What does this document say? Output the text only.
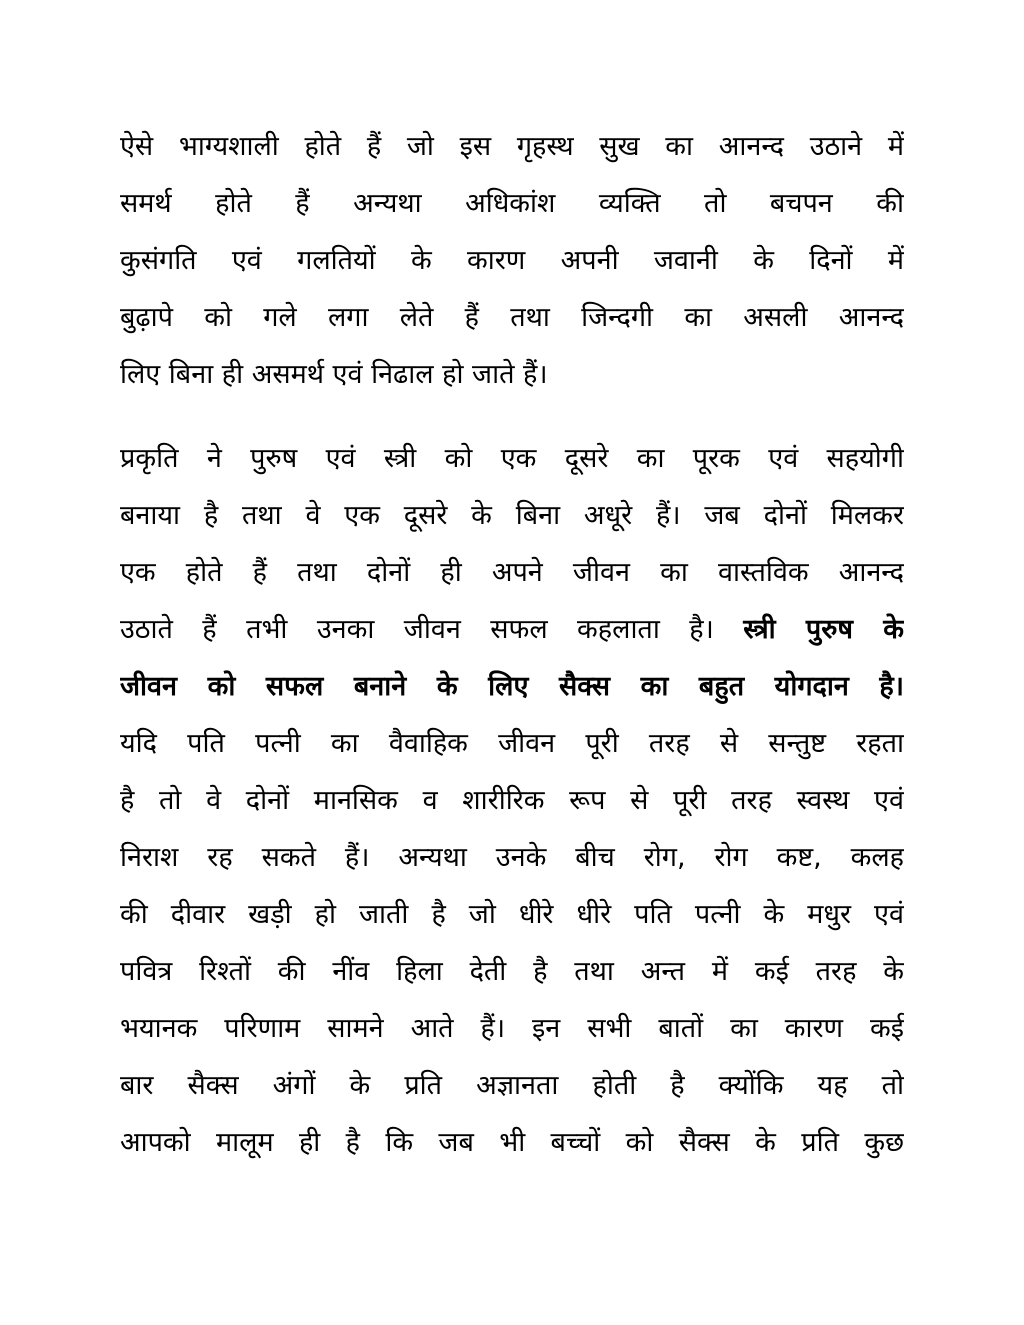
ऐसे भाग्यशाली होते हैं जो इस गृहस्थ सुख का आनन्द उठाने में
समर्थ होते हैं अन्यथा अधिकांश व्यक्ति तो बचपन की
कुसंगति एवं गलतियों के कारण अपनी जवानी के दिनों में
बुढ़ापे को गले लगा लेते हैं तथा जिन्दगी का असली आनन्द
लिए बिना ही असमर्थ एवं निढाल हो जाते हैं।
प्रकृति ने पुरुष एवं स्त्री को एक दूसरे का पूरक एवं सहयोगी
बनाया है तथा वे एक दूसरे के बिना अधूरे हैं। जब दोनों मिलकर
एक होते हैं तथा दोनों ही अपने जीवन का वास्तविक आनन्द
उठाते हैं तभी उनका जीवन सफल कहलाता है। स्त्री पुरुष के
जीवन को सफल बनाने के लिए सैक्स का बहुत योगदान है।
यदि पति पत्नी का वैवाहिक जीवन पूरी तरह से सन्तुष्ट रहता
है तो वे दोनों मानसिक व शारीरिक रूप से पूरी तरह स्वस्थ एवं
निराश रह सकते हैं। अन्यथा उनके बीच रोग, रोग कष्ट, कलह
की दीवार खड़ी हो जाती है जो धीरे धीरे पति पत्नी के मधुर एवं
पवित्र रिश्तों की नींव हिला देती है तथा अन्त में कई तरह के
भयानक परिणाम सामने आते हैं। इन सभी बातों का कारण कई
बार सैक्स अंगों के प्रति अज्ञानता होती है क्योंकि यह तो
आपको मालूम ही है कि जब भी बच्चों को सैक्स के प्रति कुछ
